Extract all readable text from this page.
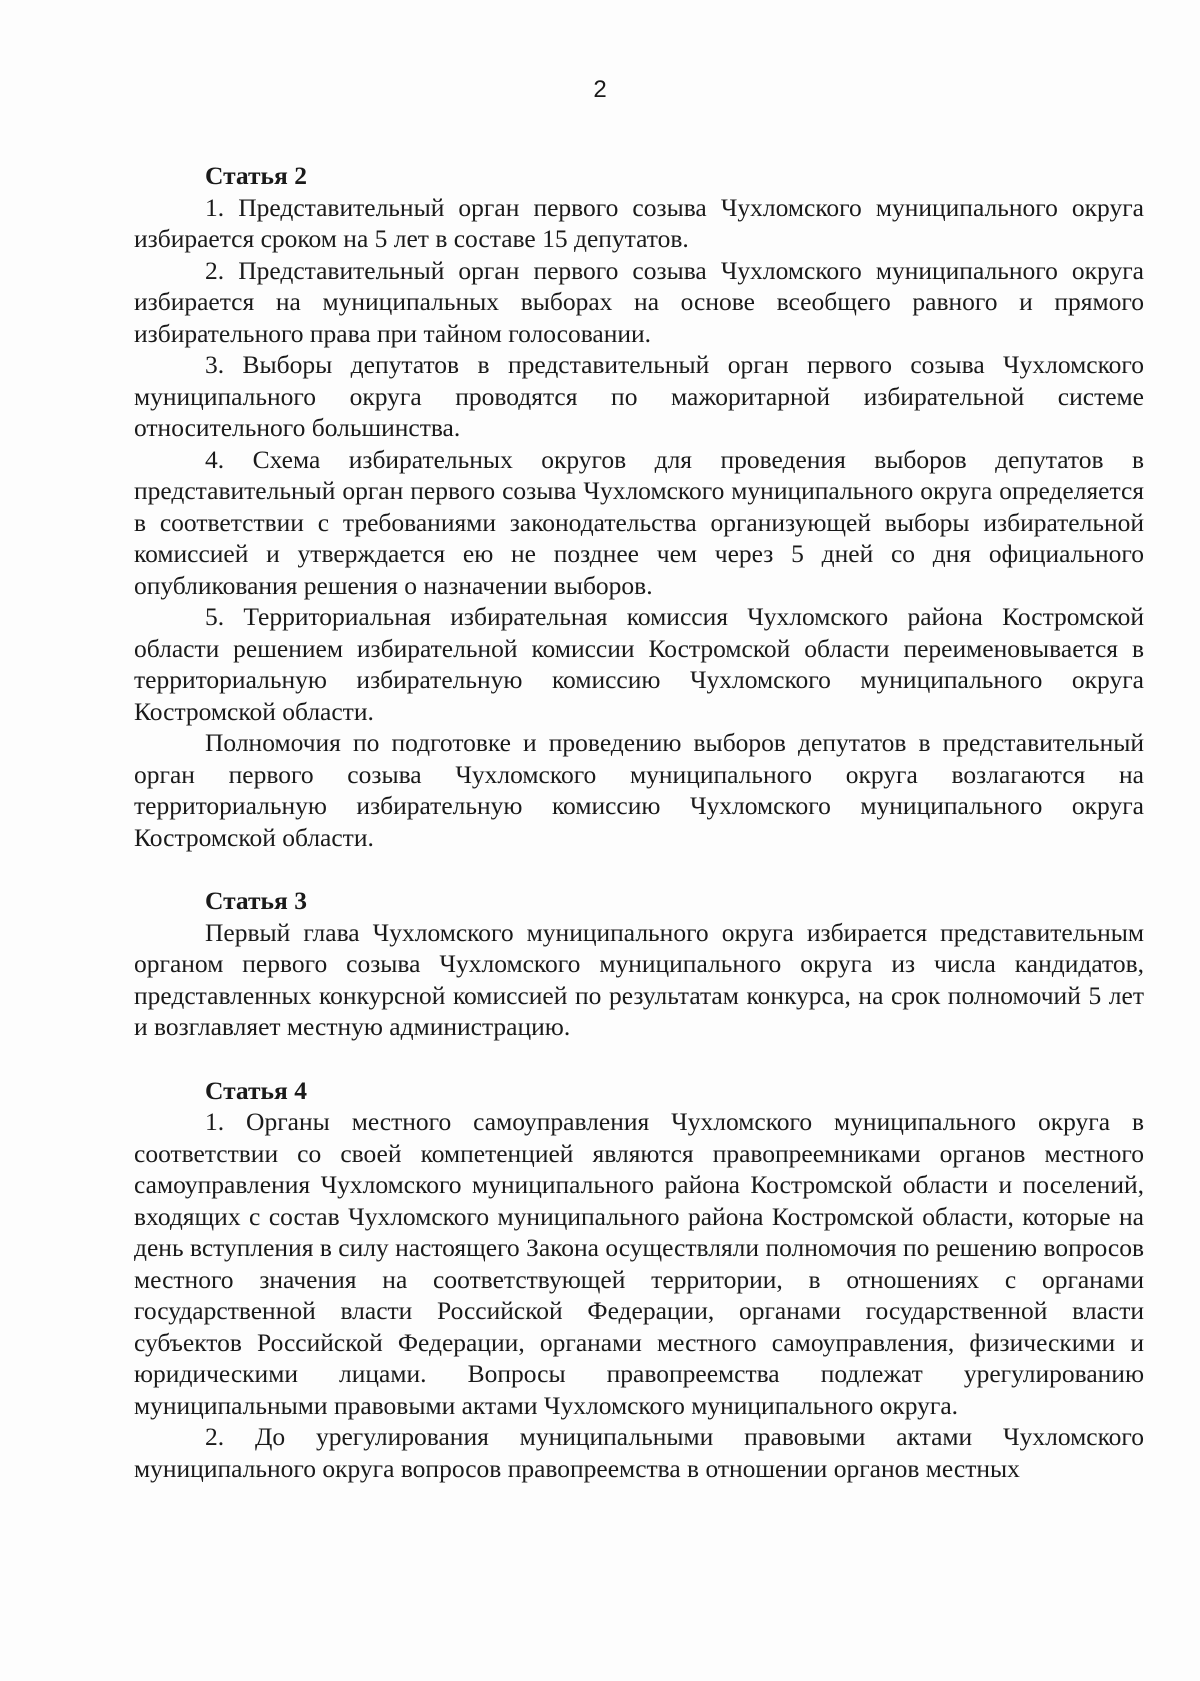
2

Статья 2

1. Представительный орган первого созыва Чухломского муниципального округа избирается сроком на 5 лет в составе 15 депутатов.

2. Представительный орган первого созыва Чухломского муниципального округа избирается на муниципальных выборах на основе всеобщего равного и прямого избирательного права при тайном голосовании.

3. Выборы депутатов в представительный орган первого созыва Чухломского муниципального округа проводятся по мажоритарной избирательной системе относительного большинства.

4. Схема избирательных округов для проведения выборов депутатов в представительный орган первого созыва Чухломского муниципального округа определяется в соответствии с требованиями законодательства организующей выборы избирательной комиссией и утверждается ею не позднее чем через 5 дней со дня официального опубликования решения о назначении выборов.

5. Территориальная избирательная комиссия Чухломского района Костромской области решением избирательной комиссии Костромской области переименовывается в территориальную избирательную комиссию Чухломского муниципального округа Костромской области.

Полномочия по подготовке и проведению выборов депутатов в представительный орган первого созыва Чухломского муниципального округа возлагаются на территориальную избирательную комиссию Чухломского муниципального округа Костромской области.

Статья 3

Первый глава Чухломского муниципального округа избирается представительным органом первого созыва Чухломского муниципального округа из числа кандидатов, представленных конкурсной комиссией по результатам конкурса, на срок полномочий 5 лет и возглавляет местную администрацию.

Статья 4

1. Органы местного самоуправления Чухломского муниципального округа в соответствии со своей компетенцией являются правопреемниками органов местного самоуправления Чухломского муниципального района Костромской области и поселений, входящих с состав Чухломского муниципального района Костромской области, которые на день вступления в силу настоящего Закона осуществляли полномочия по решению вопросов местного значения на соответствующей территории, в отношениях с органами государственной власти Российской Федерации, органами государственной власти субъектов Российской Федерации, органами местного самоуправления, физическими и юридическими лицами. Вопросы правопреемства подлежат урегулированию муниципальными правовыми актами Чухломского муниципального округа.

2. До урегулирования муниципальными правовыми актами Чухломского муниципального округа вопросов правопреемства в отношении органов местных
